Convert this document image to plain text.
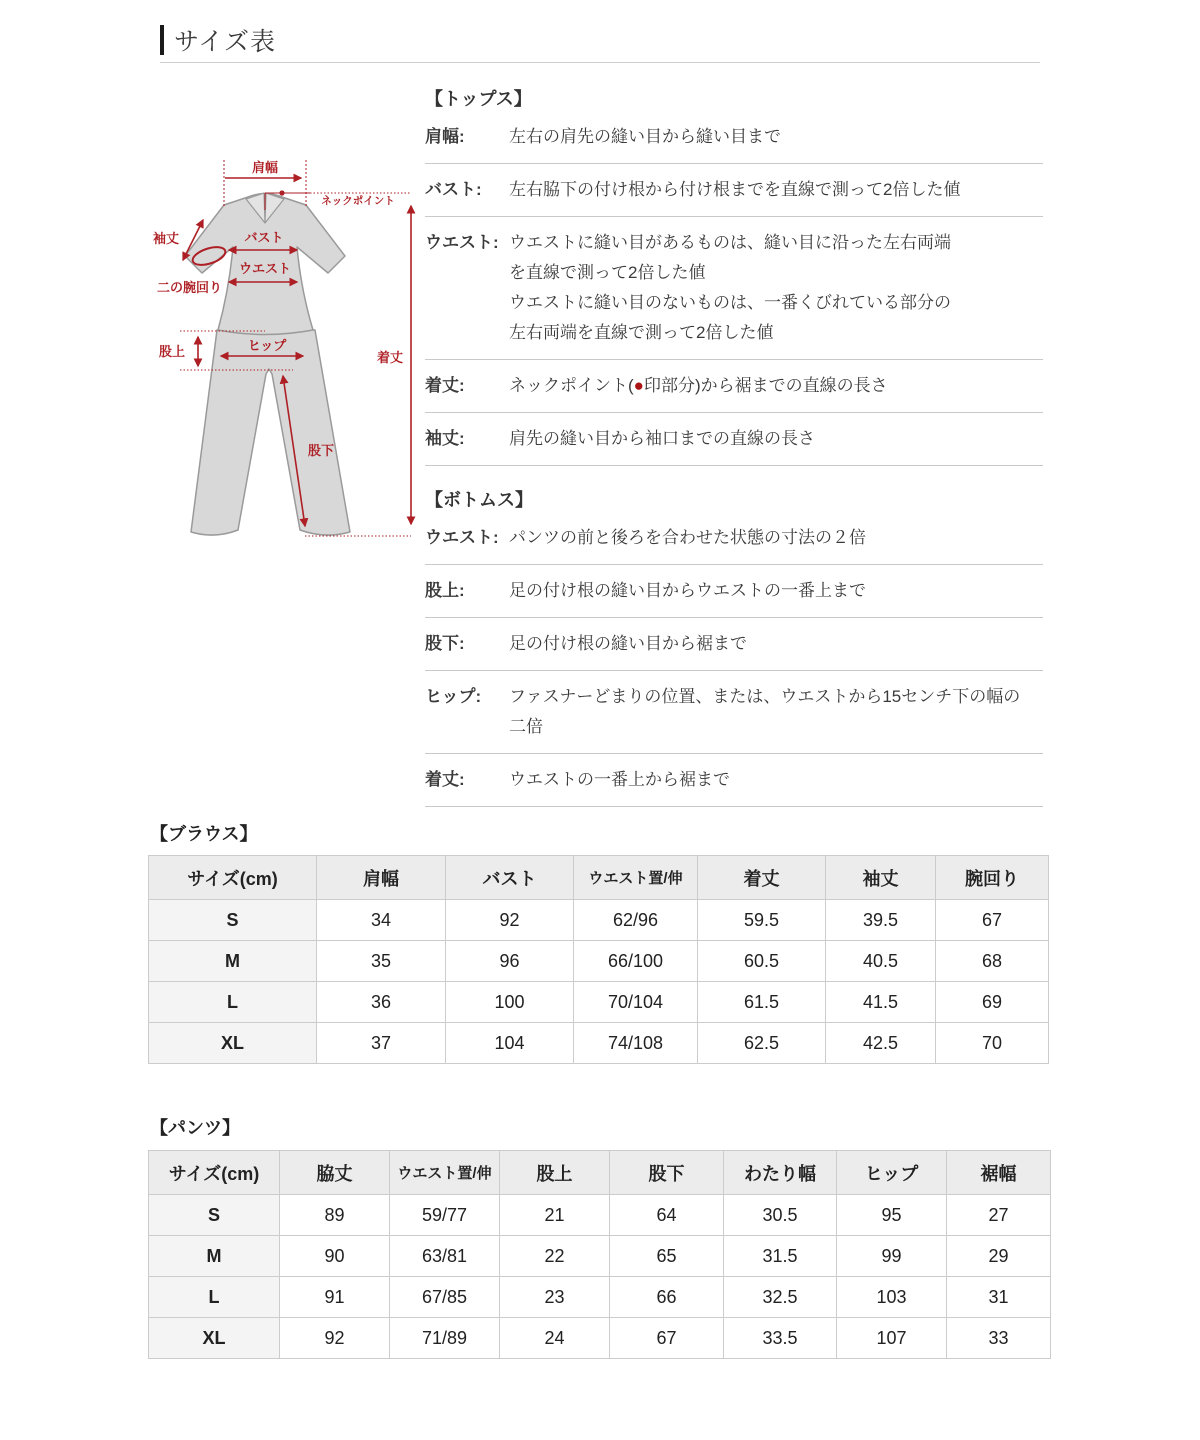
サイズ表
肩幅
ネックポイント
袖丈	バスト
ウエスト
二の腕回り
股上	ヒップ
着丈
股下
【トップス】
肩幅:	左右の肩先の縫い目から縫い目まで
バスト:	左右脇下の付け根から付け根までを直線で測って2倍した値
ウエスト: ウエストに縫い目があるものは、縫い目に沿った左右両端
を直線で測って2倍した値
ウエストに縫い目のないものは、一番くびれている部分の
左右両端を直線で測って2倍した値
着丈:	ネックポイント(●印部分)から裾までの直線の長さ
袖丈:	肩先の縫い目から袖口までの直線の長さ
【ボトムス】
ウエスト: パンツの前と後ろを合わせた状態の寸法の２倍
股上:	足の付け根の縫い目からウエストの一番上まで
股下:	足の付け根の縫い目から裾まで
ヒップ:	ファスナーどまりの位置、または、ウエストから15センチ下の幅の
二倍
着丈:	ウエストの一番上から裾まで
【ブラウス】
サイズ(cm)	肩幅	バスト	ウエスト置/伸	着丈	袖丈	腕回り
S	34	92	62/96	59.5	39.5	67
M	35	96	66/100	60.5	40.5	68
L	36	100	70/104	61.5	41.5	69
XL	37	104	74/108	62.5	42.5	70
【パンツ】
サイズ(cm)	脇丈	ウエスト置/伸	股上	股下	わたり幅	ヒップ	裾幅
S	89	59/77	21	64	30.5	95	27
M	90	63/81	22	65	31.5	99	29
L	91	67/85	23	66	32.5	103	31
XL	92	71/89	24	67	33.5	107	33
